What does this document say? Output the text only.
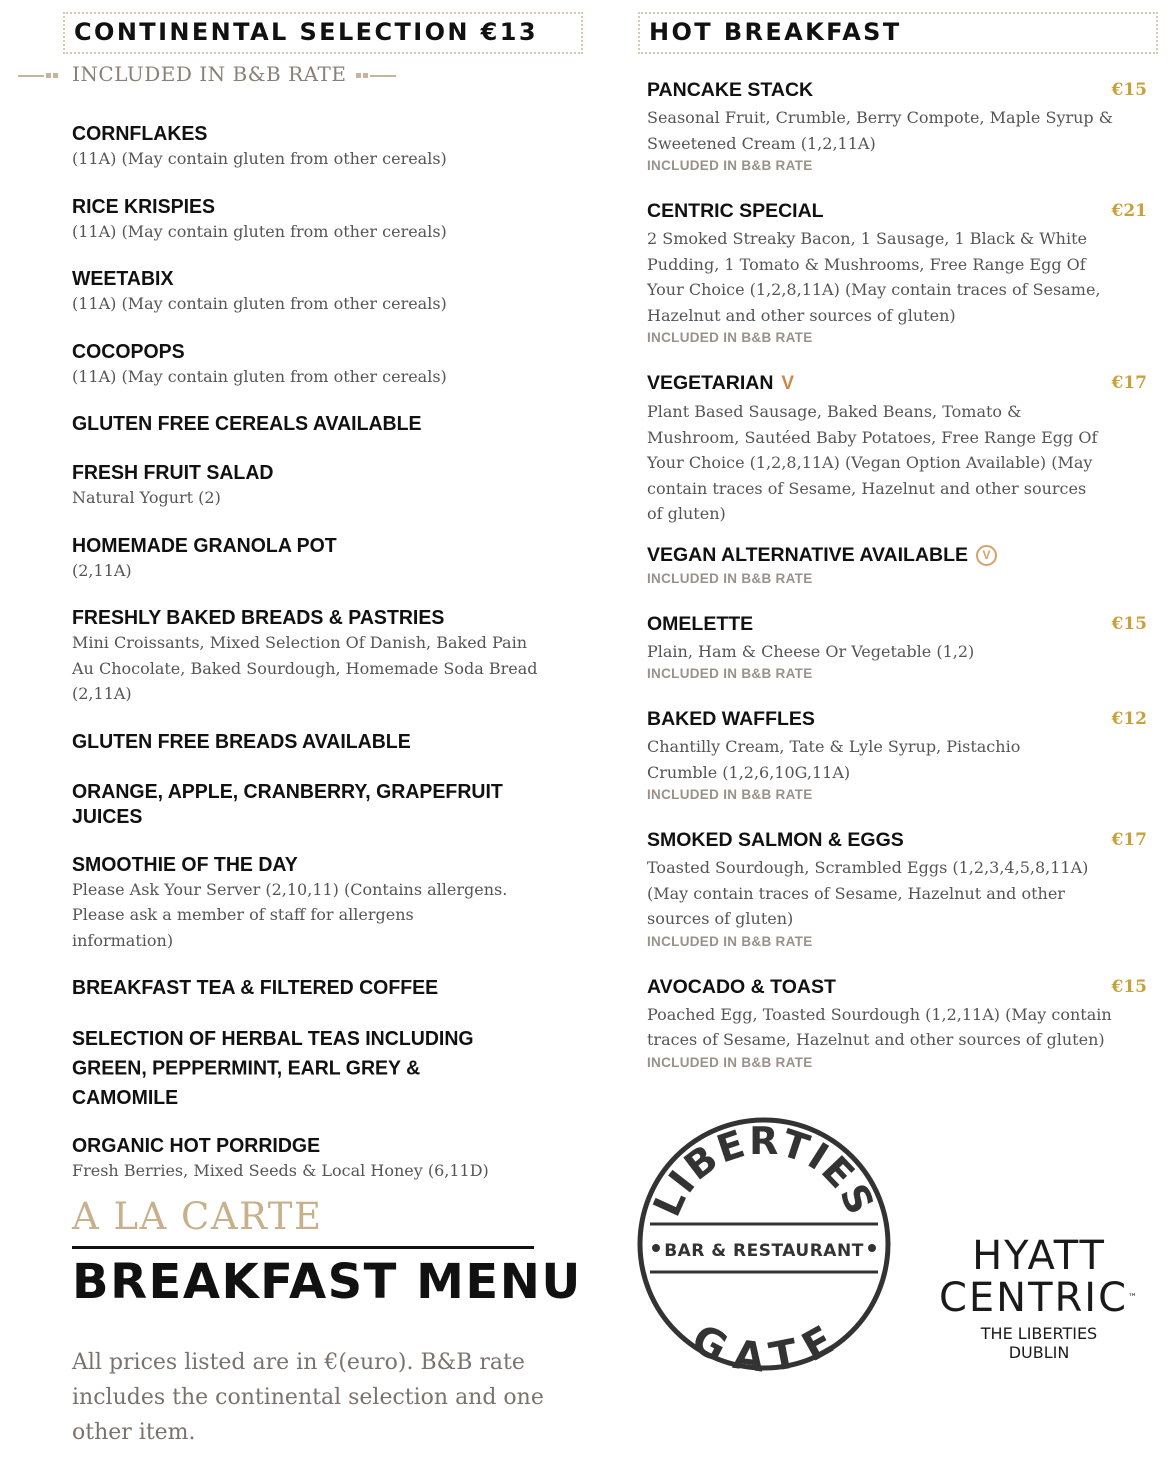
CONTINENTAL SELECTION €13
INCLUDED IN B&B RATE
CORNFLAKES
(11A) (May contain gluten from other cereals)
RICE KRISPIES
(11A) (May contain gluten from other cereals)
WEETABIX
(11A) (May contain gluten from other cereals)
COCOPOPS
(11A) (May contain gluten from other cereals)
GLUTEN FREE CEREALS AVAILABLE
FRESH FRUIT SALAD
Natural Yogurt (2)
HOMEMADE GRANOLA POT
(2,11A)
FRESHLY BAKED BREADS & PASTRIES
Mini Croissants, Mixed Selection Of Danish, Baked Pain Au Chocolate, Baked Sourdough, Homemade Soda Bread (2,11A)
GLUTEN FREE BREADS AVAILABLE
ORANGE, APPLE, CRANBERRY, GRAPEFRUIT JUICES
SMOOTHIE OF THE DAY
Please Ask Your Server (2,10,11) (Contains allergens. Please ask a member of staff for allergens information)
BREAKFAST TEA & FILTERED COFFEE
SELECTION OF HERBAL TEAS INCLUDING GREEN, PEPPERMINT, EARL GREY & CAMOMILE
ORGANIC HOT PORRIDGE
Fresh Berries, Mixed Seeds & Local Honey (6,11D)
HOT BREAKFAST
PANCAKE STACK	€15
Seasonal Fruit, Crumble, Berry Compote, Maple Syrup & Sweetened Cream (1,2,11A)
INCLUDED IN B&B RATE
CENTRIC SPECIAL	€21
2 Smoked Streaky Bacon, 1 Sausage, 1 Black & White Pudding, 1 Tomato & Mushrooms, Free Range Egg Of Your Choice (1,2,8,11A) (May contain traces of Sesame, Hazelnut and other sources of gluten)
INCLUDED IN B&B RATE
VEGETARIAN V	€17
Plant Based Sausage, Baked Beans, Tomato & Mushroom, Sautéed Baby Potatoes, Free Range Egg Of Your Choice (1,2,8,11A) (Vegan Option Available) (May contain traces of Sesame, Hazelnut and other sources of gluten)
VEGAN ALTERNATIVE AVAILABLE V
INCLUDED IN B&B RATE
OMELETTE	€15
Plain, Ham & Cheese Or Vegetable (1,2)
INCLUDED IN B&B RATE
BAKED WAFFLES	€12
Chantilly Cream, Tate & Lyle Syrup, Pistachio Crumble (1,2,6,10G,11A)
INCLUDED IN B&B RATE
SMOKED SALMON & EGGS	€17
Toasted Sourdough, Scrambled Eggs (1,2,3,4,5,8,11A) (May contain traces of Sesame, Hazelnut and other sources of gluten)
INCLUDED IN B&B RATE
AVOCADO & TOAST	€15
Poached Egg, Toasted Sourdough (1,2,11A) (May contain traces of Sesame, Hazelnut and other sources of gluten)
INCLUDED IN B&B RATE
A LA CARTE
BREAKFAST MENU
All prices listed are in €(euro). B&B rate includes the continental selection and one other item.
LIBERTIES
BAR & RESTAURANT
GATE
HYATT
CENTRIC™
THE LIBERTIES
DUBLIN
